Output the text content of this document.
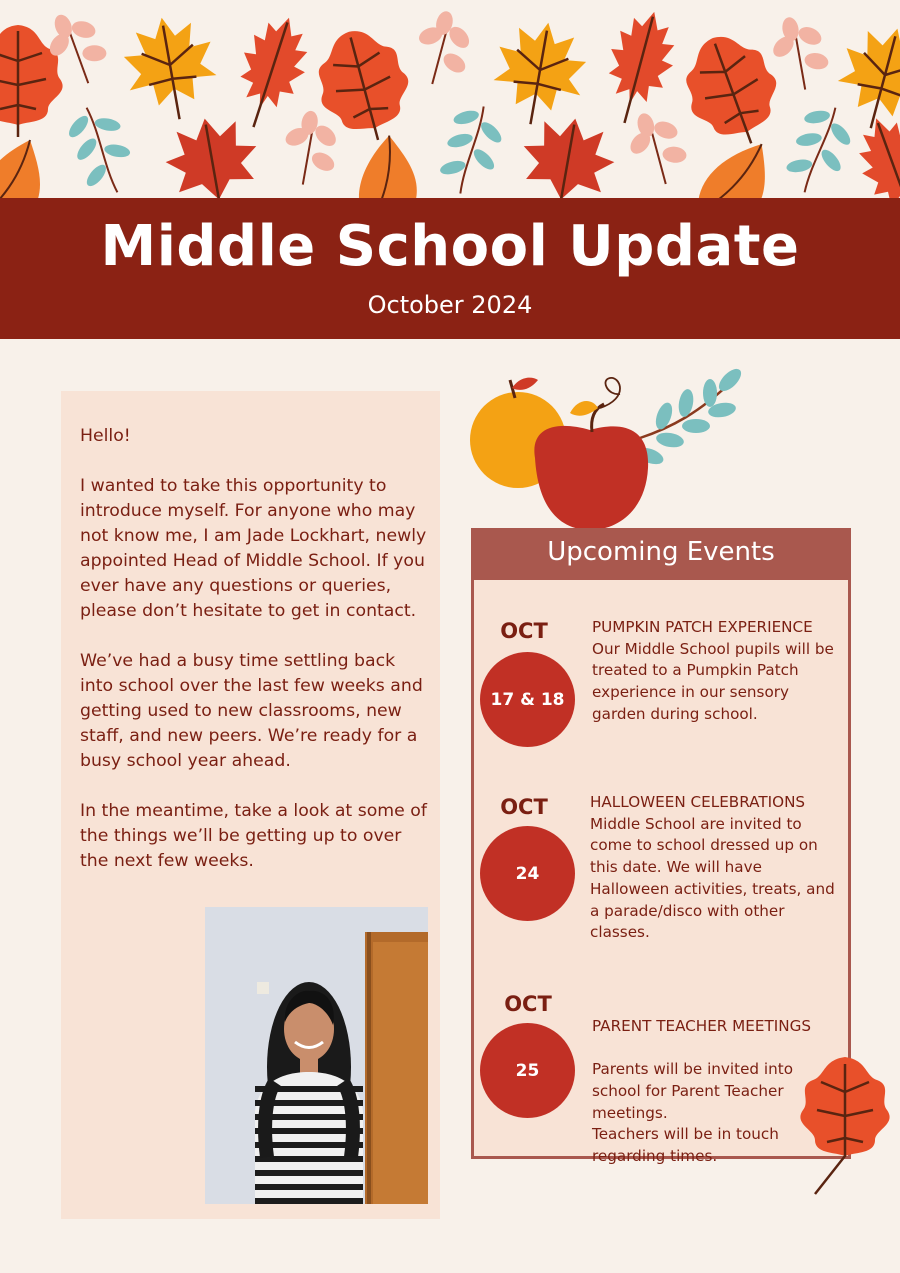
Middle School Update
October 2024

Hello!

I wanted to take this opportunity to introduce myself. For anyone who may not know me, I am Jade Lockhart, newly appointed Head of Middle School. If you ever have any questions or queries, please don’t hesitate to get in contact.

We’ve had a busy time settling back into school over the last few weeks and getting used to new classrooms, new staff, and new peers. We’re ready for a busy school year ahead.

In the meantime, take a look at some of the things we’ll be getting up to over the next few weeks.

Upcoming Events
OCT
17 & 18
PUMPKIN PATCH EXPERIENCE
Our Middle School pupils will be treated to a Pumpkin Patch experience in our sensory garden during school.
OCT
24
HALLOWEEN CELEBRATIONS
Middle School are invited to come to school dressed up on this date. We will have Halloween activities, treats, and a parade/disco with other classes.
OCT
25

PARENT TEACHER MEETINGS

Parents will be invited into school for Parent Teacher meetings.
Teachers will be in touch regarding times.
